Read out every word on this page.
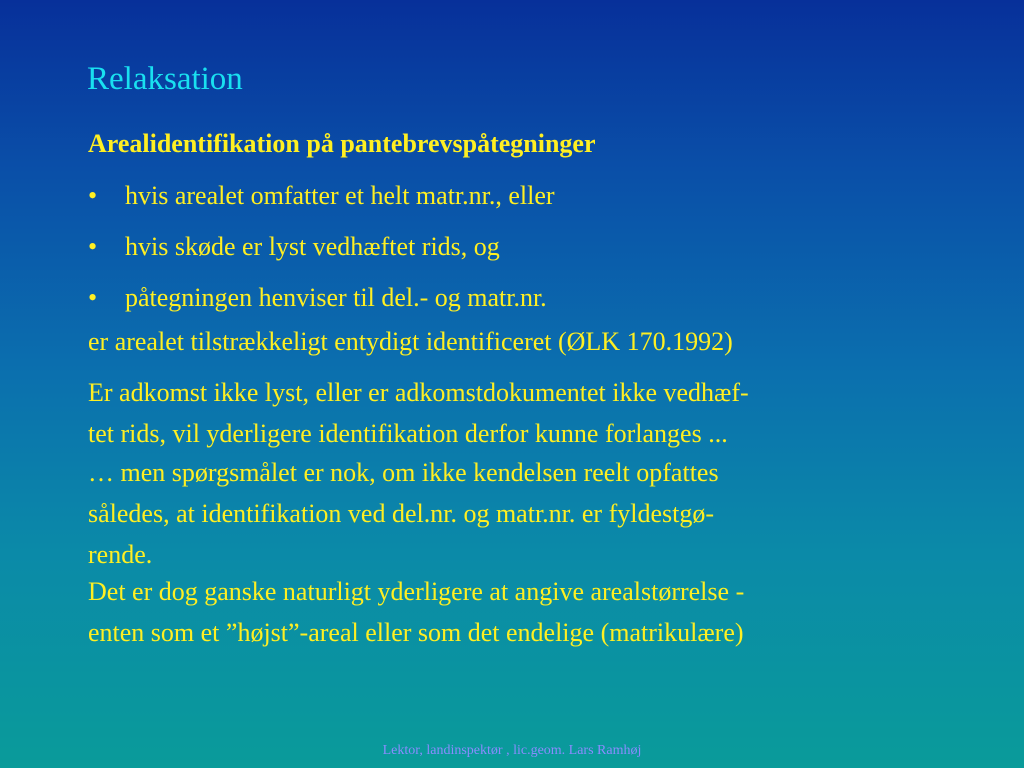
Relaksation
Arealidentifikation på pantebrevspåtegninger
• hvis arealet omfatter et helt matr.nr., eller
• hvis skøde er lyst vedhæftet rids, og
• påtegningen henviser til del.- og matr.nr.
er arealet tilstrækkeligt entydigt identificeret (ØLK 170.1992)
Er adkomst ikke lyst, eller er adkomstdokumentet ikke vedhæf-
tet rids, vil yderligere identifikation derfor kunne forlanges ...
… men spørgsmålet er nok, om ikke kendelsen reelt opfattes
således, at identifikation ved del.nr. og matr.nr. er fyldestgø-
rende.
Det er dog ganske naturligt yderligere at angive arealstørrelse -
enten som et ”højst”-areal eller som det endelige (matrikulære)
Lektor, landinspektør , lic.geom. Lars Ramhøj
